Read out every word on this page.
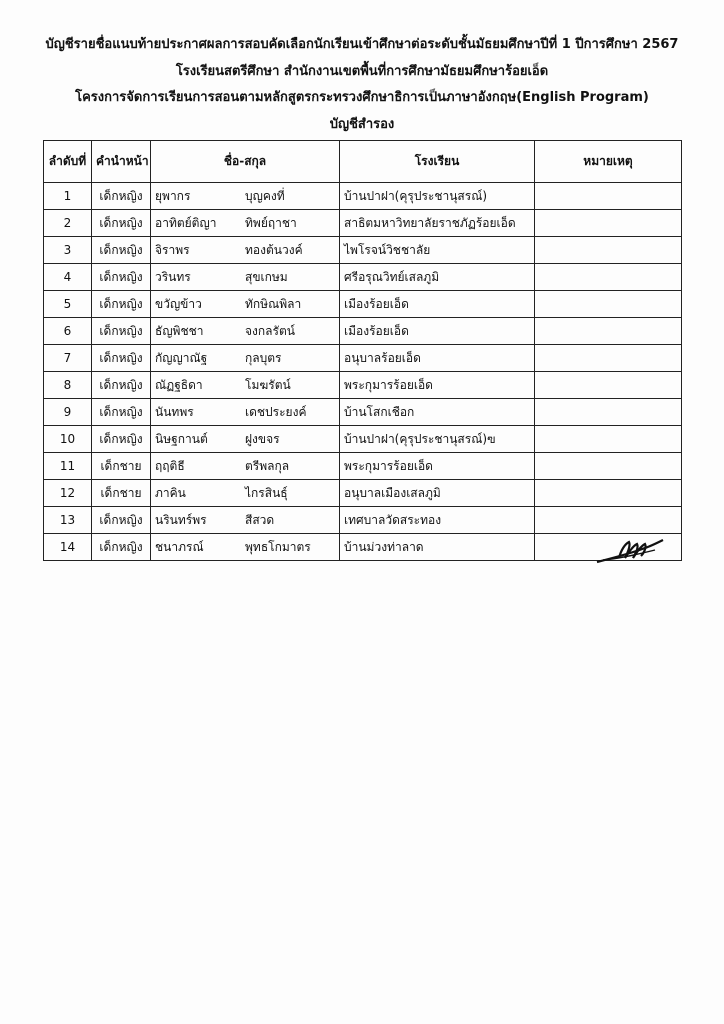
บัญชีรายชื่อแนบท้ายประกาศผลการสอบคัดเลือกนักเรียนเข้าศึกษาต่อระดับชั้นมัธยมศึกษาปีที่ 1 ปีการศึกษา 2567
โรงเรียนสตรีศึกษา สำนักงานเขตพื้นที่การศึกษามัธยมศึกษาร้อยเอ็ด
โครงการจัดการเรียนการสอนตามหลักสูตรกระทรวงศึกษาธิการเป็นภาษาอังกฤษ(English Program)
บัญชีสำรอง
ลำดับที่	คำนำหน้า	ชื่อ-สกุล	โรงเรียน	หมายเหตุ
1	เด็กหญิง	ยุพากร บุญคงที่	บ้านปาฝา(คุรุประชานุสรณ์)	
2	เด็กหญิง	อาทิตย์ติญา ทิพย์ฤาชา	สาธิตมหาวิทยาลัยราชภัฏร้อยเอ็ด	
3	เด็กหญิง	จิราพร ทองต้นวงค์	ไพโรจน์วิชชาลัย	
4	เด็กหญิง	วรินทร สุขเกษม	ศรีอรุณวิทย์เสลภูมิ	
5	เด็กหญิง	ขวัญข้าว ทักษิณพิลา	เมืองร้อยเอ็ด	
6	เด็กหญิง	ธัญพิชชา จงกลรัตน์	เมืองร้อยเอ็ด	
7	เด็กหญิง	กัญญาณัฐ กุลบุตร	อนุบาลร้อยเอ็ด	
8	เด็กหญิง	ณัฏฐธิดา โมฆรัตน์	พระกุมารร้อยเอ็ด	
9	เด็กหญิง	นันทพร เดชประยงค์	บ้านโสกเชือก	
10	เด็กหญิง	นิษฐกานต์ ฝูงขจร	บ้านปาฝา(คุรุประชานุสรณ์)ฃ	
11	เด็กชาย	ฤฤติธี ตรีพลกุล	พระกุมารร้อยเอ็ด	
12	เด็กชาย	ภาคิน ไกรสินธุ์	อนุบาลเมืองเสลภูมิ	
13	เด็กหญิง	นรินทร์พร สีสวด	เทศบาลวัดสระทอง	
14	เด็กหญิง	ชนาภรณ์ พุทธโกมาตร	บ้านม่วงท่าลาด	
